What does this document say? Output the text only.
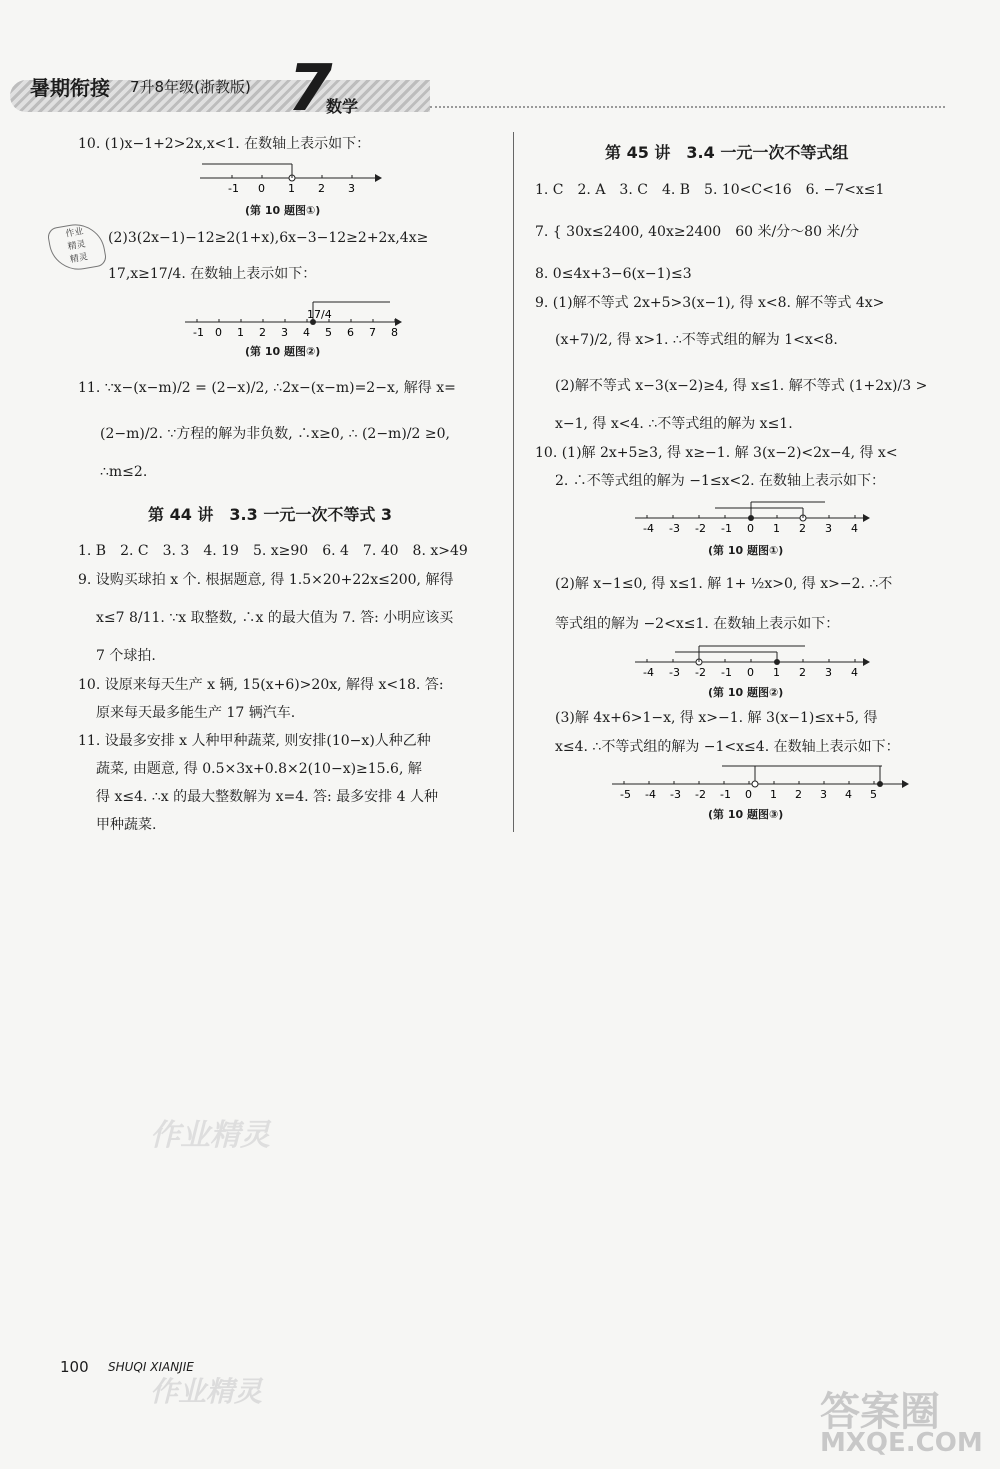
暑期衔接 7升8年级(浙教版) 7
数学
作业
精灵
精灵
10. (1)x−1+2>2x,x<1. 在数轴上表示如下：
-1 0 1 2 3
(第 10 题图①)
(2)3(2x−1)−12≥2(1+x),6x−3−12≥2+2x,4x≥
17,x≥17/4. 在数轴上表示如下：
-1 0 1 2 3 4 5 6 7 8
17/4
(第 10 题图②)
11. ∵x−(x−m)/2 = (2−x)/2, ∴2x−(x−m)=2−x, 解得 x=
(2−m)/2. ∵方程的解为非负数, ∴x≥0, ∴ (2−m)/2 ≥0,
∴m≤2.
第 44 讲　3.3 一元一次不等式 3
1. B　2. C　3. 3　4. 19　5. x≥90　6. 4　7. 40　8. x>49
9. 设购买球拍 x 个. 根据题意, 得 1.5×20+22x≤200, 解得
x≤7 8/11. ∵x 取整数, ∴x 的最大值为 7. 答: 小明应该买
7 个球拍.
10. 设原来每天生产 x 辆, 15(x+6)>20x, 解得 x<18. 答:
原来每天最多能生产 17 辆汽车.
11. 设最多安排 x 人种甲种蔬菜, 则安排(10−x)人种乙种
蔬菜, 由题意, 得 0.5×3x+0.8×2(10−x)≥15.6, 解
得 x≤4. ∴x 的最大整数解为 x=4. 答: 最多安排 4 人种
甲种蔬菜.
第 45 讲　3.4 一元一次不等式组
1. C　2. A　3. C　4. B　5. 10<C<16　6. −7<x≤1
7. { 30x≤2400, 40x≥2400　60 米/分～80 米/分
8. 0≤4x+3−6(x−1)≤3
9. (1)解不等式 2x+5>3(x−1), 得 x<8. 解不等式 4x>
(x+7)/2, 得 x>1. ∴不等式组的解为 1<x<8.
(2)解不等式 x−3(x−2)≥4, 得 x≤1. 解不等式 (1+2x)/3 >
x−1, 得 x<4. ∴不等式组的解为 x≤1.
10. (1)解 2x+5≥3, 得 x≥−1. 解 3(x−2)<2x−4, 得 x<
2. ∴不等式组的解为 −1≤x<2. 在数轴上表示如下：
-4 -3 -2 -1 0 1 2 3 4
(第 10 题图①)
(2)解 x−1≤0, 得 x≤1. 解 1+ ½x>0, 得 x>−2. ∴不
等式组的解为 −2<x≤1. 在数轴上表示如下：
-4 -3 -2 -1 0 1 2 3 4
(第 10 题图②)
(3)解 4x+6>1−x, 得 x>−1. 解 3(x−1)≤x+5, 得
x≤4. ∴不等式组的解为 −1<x≤4. 在数轴上表示如下：
-5 -4 -3 -2 -1 0 1 2 3 4 5
(第 10 题图③)
作业精灵
作业精灵
100 SHUQI XIANJIE
答案圈
MXQE.COM
